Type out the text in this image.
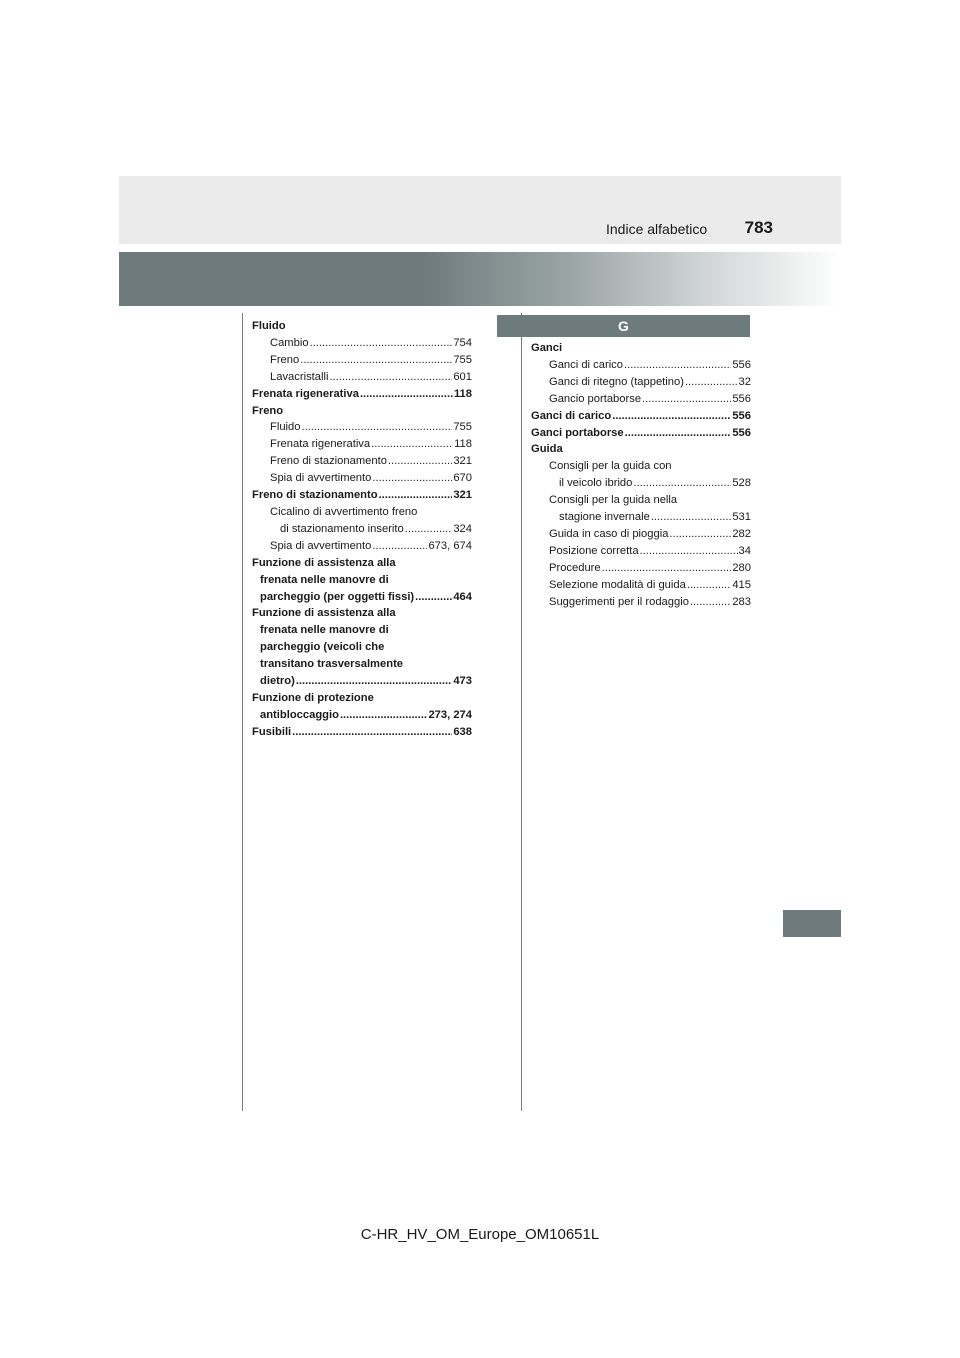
Indice alfabetico 783
Fluido
Cambio .....	754
Freno .....	755
Lavacristalli .....	601
Frenata rigenerativa .....	118
Freno
Fluido .....	755
Frenata rigenerativa .....	118
Freno di stazionamento .....	321
Spia di avvertimento .....	670
Freno di stazionamento .....	321
Cicalino di avvertimento freno
di stazionamento inserito .....	324
Spia di avvertimento .....	673, 674
Funzione di assistenza alla
frenata nelle manovre di
parcheggio (per oggetti fissi) .....	464
Funzione di assistenza alla
frenata nelle manovre di
parcheggio (veicoli che
transitano trasversalmente
dietro) .....	473
Funzione di protezione
antibloccaggio .....	273, 274
Fusibili .....	638
G
Ganci
Ganci di carico .....	556
Ganci di ritegno (tappetino) .....	32
Gancio portaborse .....	556
Ganci di carico .....	556
Ganci portaborse .....	556
Guida
Consigli per la guida con
il veicolo ibrido .....	528
Consigli per la guida nella
stagione invernale .....	531
Guida in caso di pioggia .....	282
Posizione corretta .....	34
Procedure .....	280
Selezione modalità di guida .....	415
Suggerimenti per il rodaggio .....	283
C-HR_HV_OM_Europe_OM10651L
